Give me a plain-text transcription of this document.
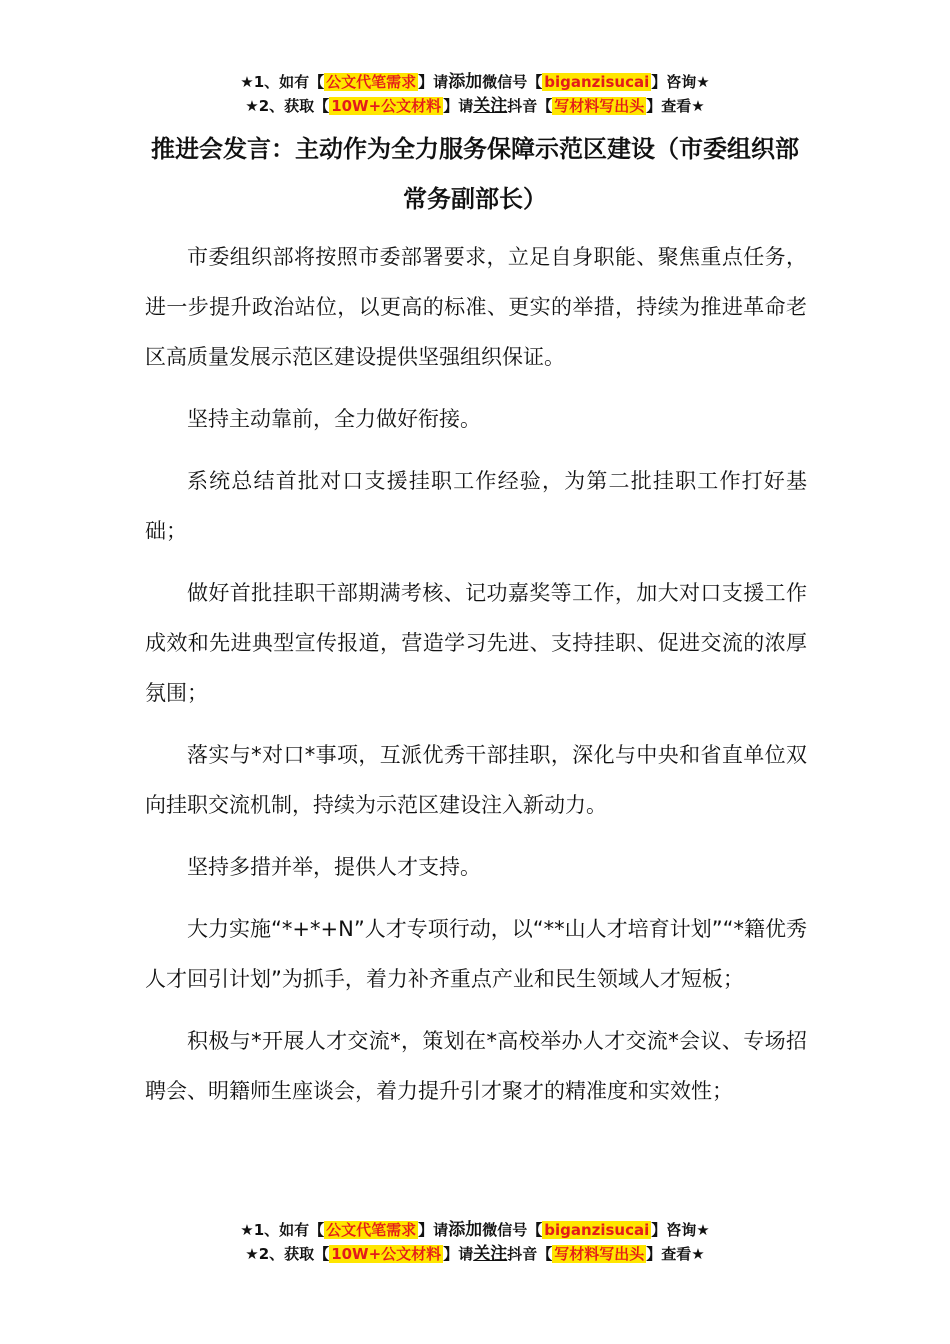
★1、如有【 公文代笔需求 】请添加微信号【 biganzisucai 】咨询★
★2、获取【 10W+公文材料 】请关注抖音【 写材料写出头 】查看★
推进会发言：主动作为全力服务保障示范区建设（市委组织部常务副部长）

市委组织部将按照市委部署要求，立足自身职能、聚焦重点任务，进一步提升政治站位，以更高的标准、更实的举措，持续为推进革命老区高质量发展示范区建设提供坚强组织保证。

坚持主动靠前，全力做好衔接。

系统总结首批对口支援挂职工作经验，为第二批挂职工作打好基础；

做好首批挂职干部期满考核、记功嘉奖等工作，加大对口支援工作成效和先进典型宣传报道，营造学习先进、支持挂职、促进交流的浓厚氛围；

落实与*对口*事项，互派优秀干部挂职，深化与中央和省直单位双向挂职交流机制，持续为示范区建设注入新动力。

坚持多措并举，提供人才支持。

大力实施“*+*+N”人才专项行动，以“**山人才培育计划”“*籍优秀人才回引计划”为抓手，着力补齐重点产业和民生领域人才短板；

积极与*开展人才交流*，策划在*高校举办人才交流*会议、专场招聘会、明籍师生座谈会，着力提升引才聚才的精准度和实效性；

★1、如有【 公文代笔需求 】请添加微信号【 biganzisucai 】咨询★
★2、获取【 10W+公文材料 】请关注抖音【 写材料写出头 】查看★
